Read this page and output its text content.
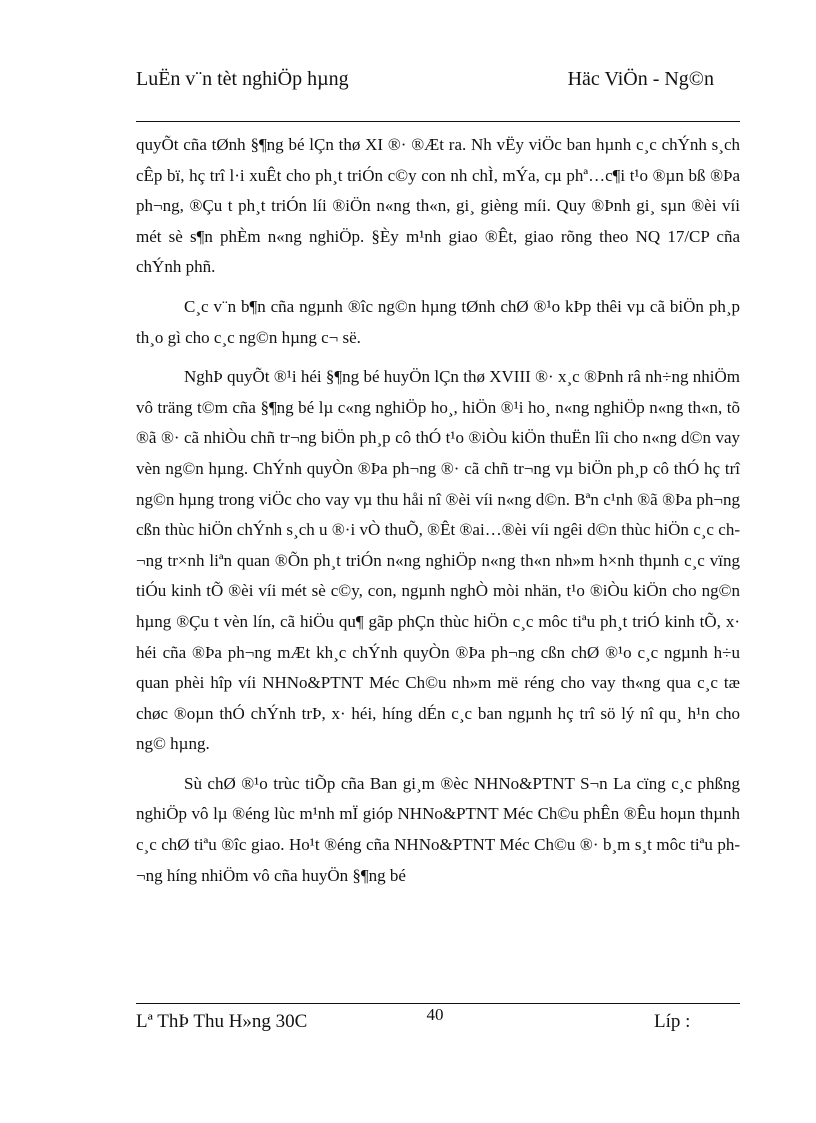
LuËn v¨n tèt nghiÖp hµng	Häc ViÖn - Ng©n

quyÕt cña tØnh §¶ng bé lÇn thø XI ®· ®Æt ra. Nh vËy viÖc ban hµnh c¸c chÝnh s¸ch cÊp bï, hç trî l·i xuÊt cho ph¸t triÓn c©y con nh chÌ, mÝa, cµ phª…c¶i t¹o ®µn bß ®Þa ph¬ng, ®Çu t ph¸t triÓn líi ®iÖn n«ng th«n, gi¸ gièng míi. Quy ®Þnh gi¸ sµn ®èi víi mét sè s¶n phÈm n«ng nghiÖp. §Èy m¹nh giao ®Êt, giao rõng theo NQ 17/CP cña chÝnh phñ.

C¸c v¨n b¶n cña ngµnh ®îc ng©n hµng tØnh chØ ®¹o kÞp thêi vµ cã biÖn ph¸p th¸o gì cho c¸c ng©n hµng c¬ së.

NghÞ quyÕt ®¹i héi §¶ng bé huyÖn lÇn thø XVIII ®· x¸c ®Þnh râ nh÷ng nhiÖm vô träng t©m cña §¶ng bé lµ c«ng nghiÖp ho¸, hiÖn ®¹i ho¸ n«ng nghiÖp n«ng th«n, tõ ®ã ®· cã nhiÒu chñ tr¬ng biÖn ph¸p cô thÓ t¹o ®iÒu kiÖn thuËn lîi cho n«ng d©n vay vèn ng©n hµng. ChÝnh quyÒn ®Þa ph¬ng ®· cã chñ tr¬ng vµ biÖn ph¸p cô thÓ hç trî ng©n hµng trong viÖc cho vay vµ thu håi nî ®èi víi n«ng d©n. Bªn c¹nh ®ã ®Þa ph¬ng cßn thùc hiÖn chÝnh s¸ch u ®·i vÒ thuÕ, ®Êt ®ai…®èi víi ngêi d©n thùc hiÖn c¸c ch¬ng tr×nh liªn quan ®Õn ph¸t triÓn n«ng nghiÖp n«ng th«n nh»m h×nh thµnh c¸c vïng tiÓu kinh tÕ ®èi víi mét sè c©y, con, ngµnh nghÒ mòi nhän, t¹o ®iÒu kiÖn cho ng©n hµng ®Çu t vèn lín, cã hiÖu qu¶ gãp phÇn thùc hiÖn c¸c môc tiªu ph¸t triÓ kinh tÕ, x· héi cña ®Þa ph¬ng mÆt kh¸c chÝnh quyÒn ®Þa ph¬ng cßn chØ ®¹o c¸c ngµnh h÷u quan phèi hîp víi NHNo&PTNT Méc Ch©u nh»m më réng cho vay th«ng qua c¸c tæ chøc ®oµn thÓ chÝnh trÞ, x· héi, híng dÉn c¸c ban ngµnh hç trî sö lý nî qu¸ h¹n cho ng© hµng.

Sù chØ ®¹o trùc tiÕp cña Ban gi¸m ®èc NHNo&PTNT S¬n La cïng c¸c phßng nghiÖp vô lµ ®éng lùc m¹nh mÏ gióp NHNo&PTNT Méc Ch©u phÊn ®Êu hoµn thµnh c¸c chØ tiªu ®îc giao. Ho¹t ®éng cña NHNo&PTNT Méc Ch©u ®· b¸m s¸t môc tiªu ph¬ng híng nhiÖm vô cña huyÖn §¶ng bé

Lª ThÞ Thu H»ng 30C	40	Líp :
